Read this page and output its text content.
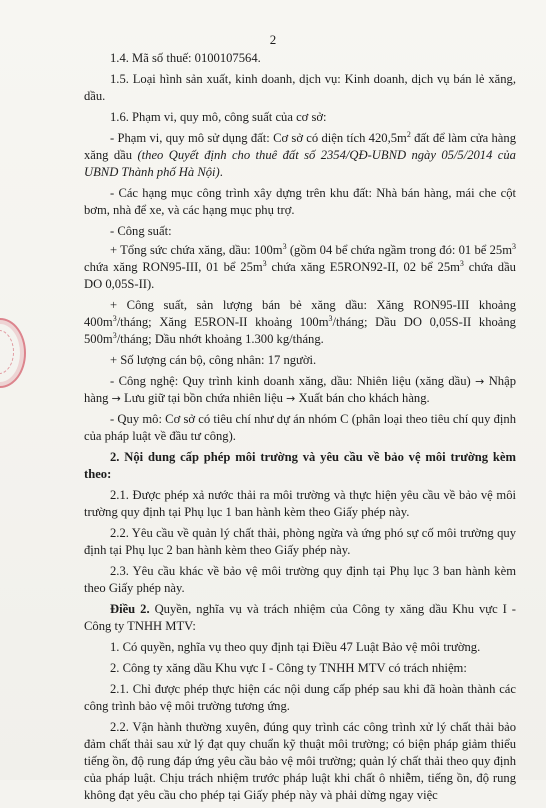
2

1.4. Mã số thuế: 0100107564.

1.5. Loại hình sản xuất, kinh doanh, dịch vụ: Kinh doanh, dịch vụ bán lẻ xăng, dầu.

1.6. Phạm vi, quy mô, công suất của cơ sở:

- Phạm vi, quy mô sử dụng đất: Cơ sở có diện tích $420,5m^2$ đất để làm cửa hàng xăng dầu (theo Quyết định cho thuê đất số 2354/QĐ-UBND ngày 05/5/2014 của UBND Thành phố Hà Nội).

- Các hạng mục công trình xây dựng trên khu đất: Nhà bán hàng, mái che cột bơm, nhà để xe, và các hạng mục phụ trợ.

- Công suất:

+ Tổng sức chứa xăng, dầu: $100m^3$ (gồm 04 bể chứa ngầm trong đó: 01 bể $25m^3$ chứa xăng RON95-III, 01 bể $25m^3$ chứa xăng E5RON92-II, 02 bể $25m^3$ chứa dầu DO 0,05S-II).

+ Công suất, sản lượng bán bẻ xăng dầu: Xăng RON95-III khoảng $400m^3$/tháng; Xăng E5RON-II khoảng $100m^3$/tháng; Dầu DO 0,05S-II khoảng $500m^3$/tháng; Dầu nhớt khoảng 1.300 kg/tháng.

+ Số lượng cán bộ, công nhân: 17 người.

- Công nghệ: Quy trình kinh doanh xăng, dầu: Nhiên liệu (xăng dầu) → Nhập hàng → Lưu giữ tại bồn chứa nhiên liệu → Xuất bán cho khách hàng.

- Quy mô: Cơ sở có tiêu chí như dự án nhóm C (phân loại theo tiêu chí quy định của pháp luật về đầu tư công).

2. Nội dung cấp phép môi trường và yêu cầu về bảo vệ môi trường kèm theo:

2.1. Được phép xả nước thải ra môi trường và thực hiện yêu cầu về bảo vệ môi trường quy định tại Phụ lục 1 ban hành kèm theo Giấy phép này.

2.2. Yêu cầu về quản lý chất thải, phòng ngừa và ứng phó sự cố môi trường quy định tại Phụ lục 2 ban hành kèm theo Giấy phép này.

2.3. Yêu cầu khác về bảo vệ môi trường quy định tại Phụ lục 3 ban hành kèm theo Giấy phép này.

Điều 2. Quyền, nghĩa vụ và trách nhiệm của Công ty xăng dầu Khu vực I - Công ty TNHH MTV:

1. Có quyền, nghĩa vụ theo quy định tại Điều 47 Luật Bảo vệ môi trường.

2. Công ty xăng dầu Khu vực I - Công ty TNHH MTV có trách nhiệm:

2.1. Chỉ được phép thực hiện các nội dung cấp phép sau khi đã hoàn thành các công trình bảo vệ môi trường tương ứng.

2.2. Vận hành thường xuyên, đúng quy trình các công trình xử lý chất thải bảo đảm chất thải sau xử lý đạt quy chuẩn kỹ thuật môi trường; có biện pháp giảm thiểu tiếng ồn, độ rung đáp ứng yêu cầu bảo vệ môi trường; quản lý chất thải theo quy định của pháp luật. Chịu trách nhiệm trước pháp luật khi chất ô nhiễm, tiếng ồn, độ rung không đạt yêu cầu cho phép tại Giấy phép này và phải dừng ngay việc
